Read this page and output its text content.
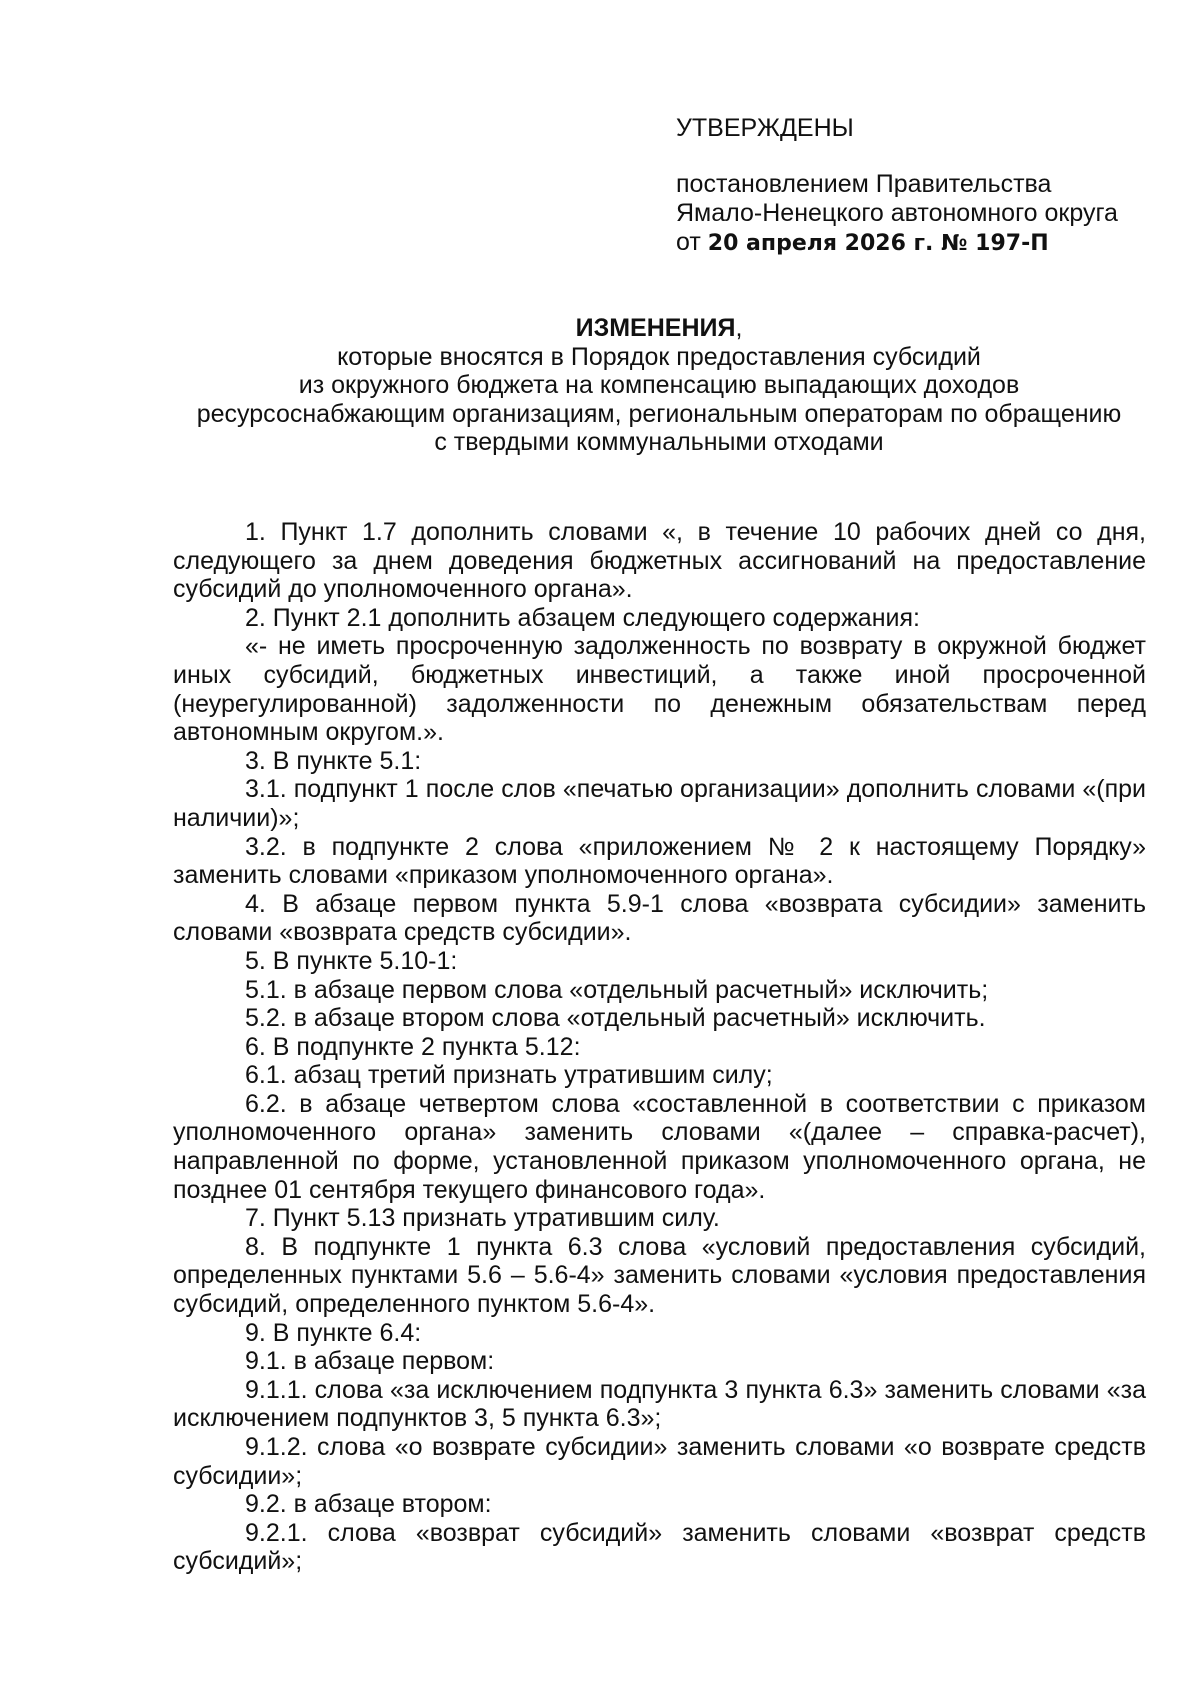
УТВЕРЖДЕНЫ
постановлением Правительства
Ямало-Ненецкого автономного округа
от 20 апреля 2026 г. № 197-П
ИЗМЕНЕНИЯ,
которые вносятся в Порядок предоставления субсидий
из окружного бюджета на компенсацию выпадающих доходов
ресурсоснабжающим организациям, региональным операторам по обращению
с твердыми коммунальными отходами

1. Пункт 1.7 дополнить словами «, в течение 10 рабочих дней со дня, следующего за днем доведения бюджетных ассигнований на предоставление субсидий до уполномоченного органа».

2. Пункт 2.1 дополнить абзацем следующего содержания:

«- не иметь просроченную задолженность по возврату в окружной бюджет иных субсидий, бюджетных инвестиций, а также иной просроченной (неурегулированной) задолженности по денежным обязательствам перед автономным округом.».

3. В пункте 5.1:

3.1. подпункт 1 после слов «печатью организации» дополнить словами «(при наличии)»;

3.2. в подпункте 2 слова «приложением № 2 к настоящему Порядку» заменить словами «приказом уполномоченного органа».

4. В абзаце первом пункта 5.9-1 слова «возврата субсидии» заменить словами «возврата средств субсидии».

5. В пункте 5.10-1:

5.1. в абзаце первом слова «отдельный расчетный» исключить;

5.2. в абзаце втором слова «отдельный расчетный» исключить.

6. В подпункте 2 пункта 5.12:

6.1. абзац третий признать утратившим силу;

6.2. в абзаце четвертом слова «составленной в соответствии с приказом уполномоченного органа» заменить словами «(далее – справка-расчет), направленной по форме, установленной приказом уполномоченного органа, не позднее 01 сентября текущего финансового года».

7. Пункт 5.13 признать утратившим силу.

8. В подпункте 1 пункта 6.3 слова «условий предоставления субсидий, определенных пунктами 5.6 – 5.6-4» заменить словами «условия предоставления субсидий, определенного пунктом 5.6-4».

9. В пункте 6.4:

9.1. в абзаце первом:

9.1.1. слова «за исключением подпункта 3 пункта 6.3» заменить словами «за исключением подпунктов 3, 5 пункта 6.3»;

9.1.2. слова «о возврате субсидии» заменить словами «о возврате средств субсидии»;

9.2. в абзаце втором:

9.2.1. слова «возврат субсидий» заменить словами «возврат средств субсидий»;
